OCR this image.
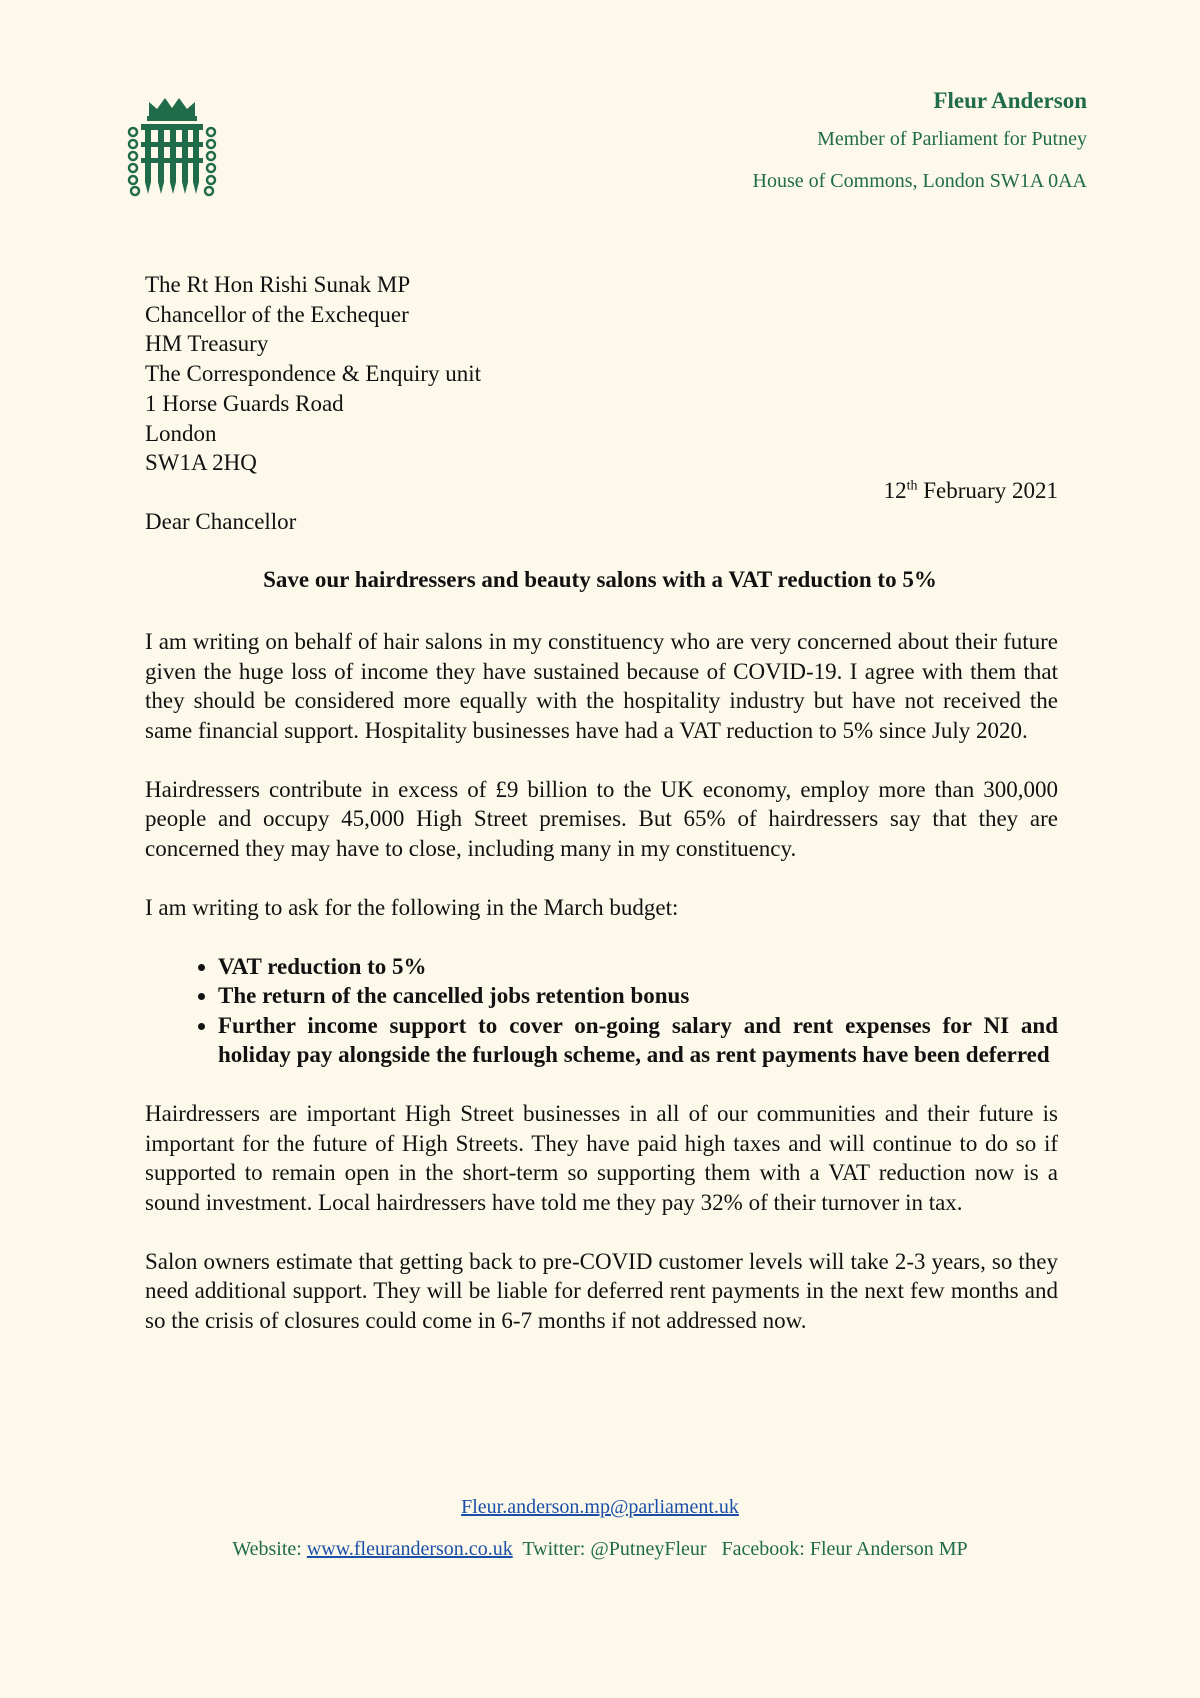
Fleur Anderson
Member of Parliament for Putney
House of Commons, London SW1A 0AA
The Rt Hon Rishi Sunak MP
Chancellor of the Exchequer
HM Treasury
The Correspondence & Enquiry unit
1 Horse Guards Road
London
SW1A 2HQ
12th February 2021
Dear Chancellor
Save our hairdressers and beauty salons with a VAT reduction to 5%

I am writing on behalf of hair salons in my constituency who are very concerned about their future given the huge loss of income they have sustained because of COVID-19. I agree with them that they should be considered more equally with the hospitality industry but have not received the same financial support. Hospitality businesses have had a VAT reduction to 5% since July 2020.

Hairdressers contribute in excess of £9 billion to the UK economy, employ more than 300,000 people and occupy 45,000 High Street premises. But 65% of hairdressers say that they are concerned they may have to close, including many in my constituency.

I am writing to ask for the following in the March budget:

• VAT reduction to 5%
• The return of the cancelled jobs retention bonus
• Further income support to cover on-going salary and rent expenses for NI and holiday pay alongside the furlough scheme, and as rent payments have been deferred

Hairdressers are important High Street businesses in all of our communities and their future is important for the future of High Streets. They have paid high taxes and will continue to do so if supported to remain open in the short-term so supporting them with a VAT reduction now is a sound investment. Local hairdressers have told me they pay 32% of their turnover in tax.

Salon owners estimate that getting back to pre-COVID customer levels will take 2-3 years, so they need additional support. They will be liable for deferred rent payments in the next few months and so the crisis of closures could come in 6-7 months if not addressed now.

Fleur.anderson.mp@parliament.uk
Website: www.fleuranderson.co.uk  Twitter: @PutneyFleur   Facebook: Fleur Anderson MP
